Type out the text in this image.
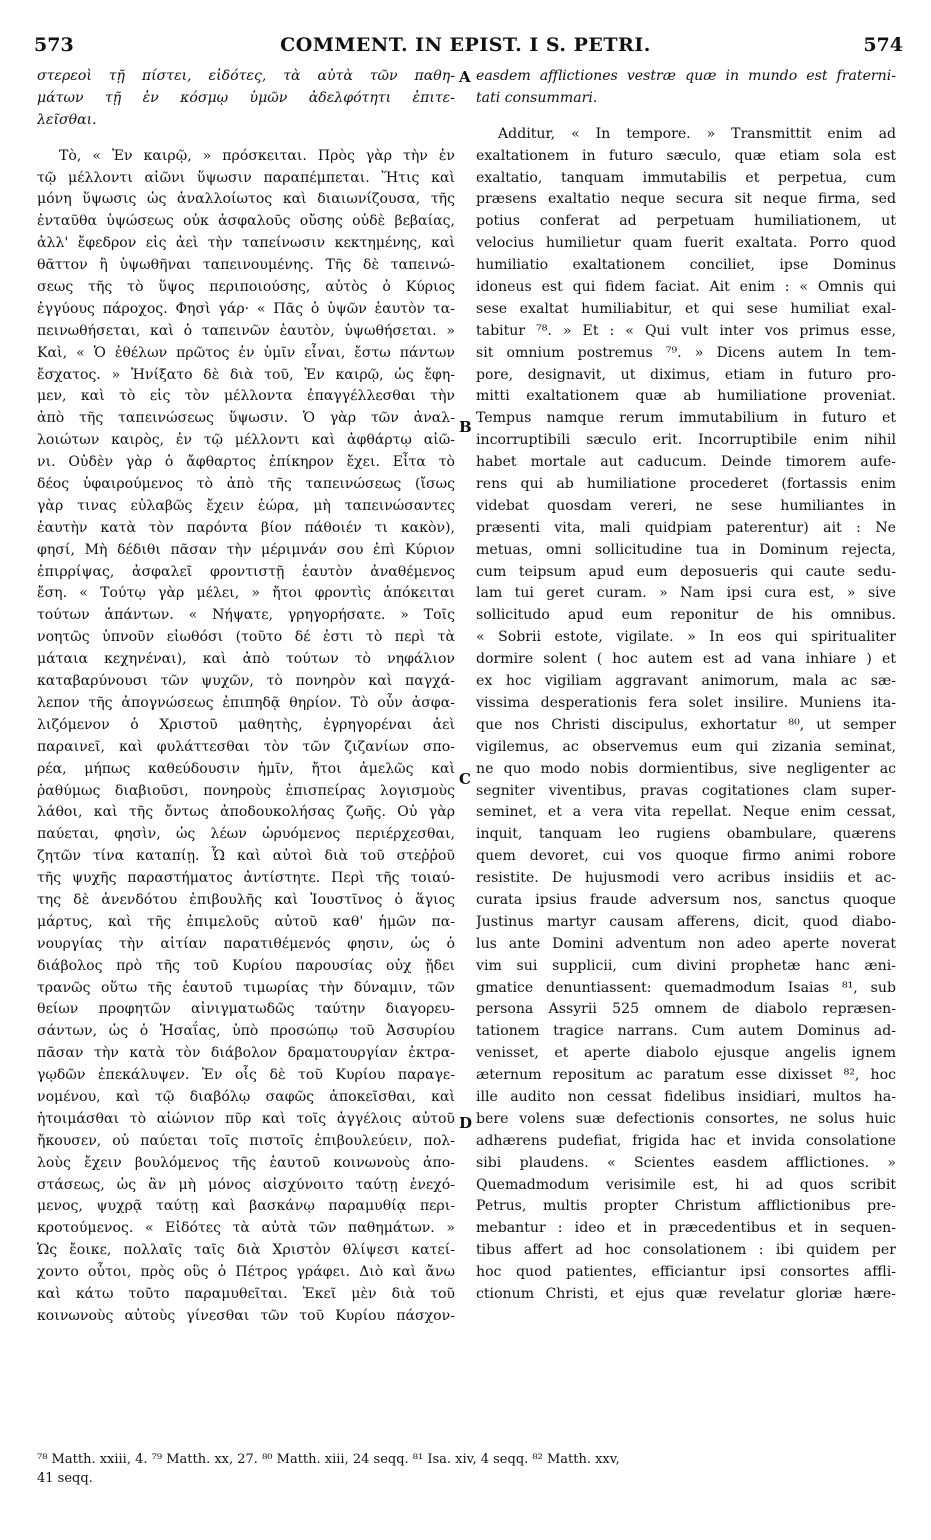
573	COMMENT. IN EPIST. I S. PETRI.	574
A
B
C
D
στερεοὶ τῇ πίστει, εἰδότες, τὰ αὐτὰ τῶν παθη-
μάτων τῇ ἐν κόσμῳ ὑμῶν ἀδελφότητι ἐπιτε-
λεῖσθαι.
Τὸ, « Ἐν καιρῷ, » πρόσκειται. Πρὸς γὰρ τὴν ἐν
τῷ μέλλοντι αἰῶνι ὕψωσιν παραπέμπεται. Ἥτις καὶ
μόνη ὕψωσις ὡς ἀναλλοίωτος καὶ διαιωνίζουσα, τῆς
ἐνταῦθα ὑψώσεως οὐκ ἀσφαλοῦς οὔσης οὐδὲ βεβαίας,
ἀλλ' ἔφεδρον εἰς ἀεὶ τὴν ταπείνωσιν κεκτημένης, καὶ
θᾶττον ἢ ὑψωθῆναι ταπεινουμένης. Τῆς δὲ ταπεινώ-
σεως τῆς τὸ ὕψος περιποιούσης, αὐτὸς ὁ Κύριος
ἐγγύους πάροχος. Φησὶ γάρ· « Πᾶς ὁ ὑψῶν ἑαυτὸν τα-
πεινωθήσεται, καὶ ὁ ταπεινῶν ἑαυτὸν, ὑψωθήσεται. »
Καὶ, « Ὁ ἐθέλων πρῶτος ἐν ὑμῖν εἶναι, ἔστω πάντων
ἔσχατος. » Ἠνίξατο δὲ διὰ τοῦ, Ἐν καιρῷ, ὡς ἔφη-
μεν, καὶ τὸ εἰς τὸν μέλλοντα ἐπαγγέλλεσθαι τὴν
ἀπὸ τῆς ταπεινώσεως ὕψωσιν. Ὁ γὰρ τῶν ἀναλ-
λοιώτων καιρὸς, ἐν τῷ μέλλοντι καὶ ἀφθάρτῳ αἰῶ-
νι. Οὐδὲν γὰρ ὁ ἄφθαρτος ἐπίκηρον ἔχει. Εἶτα τὸ
δέος ὑφαιρούμενος τὸ ἀπὸ τῆς ταπεινώσεως (ἴσως
γὰρ τινας εὐλαβῶς ἔχειν ἑώρα, μὴ ταπεινώσαντες
ἑαυτὴν κατὰ τὸν παρόντα βίον πάθοιέν τι κακὸν),
φησί, Μὴ δέδιθι πᾶσαν τὴν μέριμνάν σου ἐπὶ Κύριον
ἐπιρρίψας, ἀσφαλεῖ φροντιστῇ ἑαυτὸν ἀναθέμενος
ἔση. « Τούτῳ γὰρ μέλει, » ἤτοι φροντὶς ἀπόκειται
τούτων ἁπάντων. « Νήψατε, γρηγορήσατε. » Τοῖς
νοητῶς ὑπνοῦν εἰωθόσι (τοῦτο δέ ἐστι τὸ περὶ τὰ
μάταια κεχηνέναι), καὶ ἀπὸ τούτων τὸ νηφάλιον
καταβαρύνουσι τῶν ψυχῶν, τὸ πονηρὸν καὶ παγχά-
λεπον τῆς ἀπογνώσεως ἐπιπηδᾷ θηρίον. Τὸ οὖν ἀσφα-
λιζόμενον ὁ Χριστοῦ μαθητὴς, ἐγρηγορέναι ἀεὶ
παραινεῖ, καὶ φυλάττεσθαι τὸν τῶν ζιζανίων σπο-
ρέα, μήπως καθεύδουσιν ἡμῖν, ἤτοι ἀμελῶς καὶ
ῥαθύμως διαβιοῦσι, πονηροὺς ἐπισπείρας λογισμοὺς
λάθοι, καὶ τῆς ὄντως ἀποδουκολήσας ζωῆς. Οὐ γὰρ
παύεται, φησὶν, ὡς λέων ὠρυόμενος περιέρχεσθαι,
ζητῶν τίνα καταπίῃ. Ὧ καὶ αὐτοὶ διὰ τοῦ στεῤῥοῦ
τῆς ψυχῆς παραστήματος ἀντίστητε. Περὶ τῆς τοιαύ-
της δὲ ἀνενδότου ἐπιβουλῆς καὶ Ἰουστῖνος ὁ ἅγιος
μάρτυς, καὶ τῆς ἐπιμελοῦς αὐτοῦ καθ' ἡμῶν πα-
νουργίας τὴν αἰτίαν παρατιθέμενός φησιν, ὡς ὁ
διάβολος πρὸ τῆς τοῦ Κυρίου παρουσίας οὐχ ᾔδει
τρανῶς οὕτω τῆς ἑαυτοῦ τιμωρίας τὴν δύναμιν, τῶν
θείων προφητῶν αἰνιγματωδῶς ταύτην διαγορευ-
σάντων, ὡς ὁ Ἡσαΐας, ὑπὸ προσώπῳ τοῦ Ἀσσυρίου
πᾶσαν τὴν κατὰ τὸν διάβολον δραματουργίαν ἐκτρα-
γῳδῶν ἐπεκάλυψεν. Ἐν οἷς δὲ τοῦ Κυρίου παραγε-
νομένου, καὶ τῷ διαβόλῳ σαφῶς ἀποκεῖσθαι, καὶ
ἡτοιμάσθαι τὸ αἰώνιον πῦρ καὶ τοῖς ἀγγέλοις αὐτοῦ
ἤκουσεν, οὐ παύεται τοῖς πιστοῖς ἐπιβουλεύειν, πολ-
λοὺς ἔχειν βουλόμενος τῆς ἑαυτοῦ κοινωνοὺς ἀπο-
στάσεως, ὡς ἂν μὴ μόνος αἰσχύνοιτο ταύτῃ ἐνεχό-
μενος, ψυχρᾷ ταύτῃ καὶ βασκάνῳ παραμυθίᾳ περι-
κροτούμενος. « Εἰδότες τὰ αὐτὰ τῶν παθημάτων. »
Ὡς ἔοικε, πολλαῖς ταῖς διὰ Χριστὸν θλίψεσι κατεί-
χοντο οὗτοι, πρὸς οὓς ὁ Πέτρος γράφει. Διὸ καὶ ἄνω
καὶ κάτω τοῦτο παραμυθεῖται. Ἐκεῖ μὲν διὰ τοῦ
κοινωνοὺς αὐτοὺς γίνεσθαι τῶν τοῦ Κυρίου πάσχον-
easdem afflictiones vestræ quæ in mundo est fraterni-
tati consummari.
Additur, « In tempore. » Transmittit enim ad
exaltationem in futuro sæculo, quæ etiam sola est
exaltatio, tanquam immutabilis et perpetua, cum
præsens exaltatio neque secura sit neque firma, sed
potius conferat ad perpetuam humiliationem, ut
velocius humilietur quam fuerit exaltata. Porro quod
humiliatio exaltationem conciliet, ipse Dominus
idoneus est qui fidem faciat. Ait enim : « Omnis qui
sese exaltat humiliabitur, et qui sese humiliat exal-
tabitur ⁷⁸. » Et : « Qui vult inter vos primus esse,
sit omnium postremus ⁷⁹. » Dicens autem In tem-
pore, designavit, ut diximus, etiam in futuro pro-
mitti exaltationem quæ ab humiliatione proveniat.
Tempus namque rerum immutabilium in futuro et
incorruptibili sæculo erit. Incorruptibile enim nihil
habet mortale aut caducum. Deinde timorem aufe-
rens qui ab humiliatione procederet (fortassis enim
videbat quosdam vereri, ne sese humiliantes in
præsenti vita, mali quidpiam paterentur) ait : Ne
metuas, omni sollicitudine tua in Dominum rejecta,
cum teipsum apud eum deposueris qui caute sedu-
lam tui geret curam. » Nam ipsi cura est, » sive
sollicitudo apud eum reponitur de his omnibus.
« Sobrii estote, vigilate. » In eos qui spiritualiter
dormire solent ( hoc autem est ad vana inhiare ) et
ex hoc vigiliam aggravant animorum, mala ac sæ-
vissima desperationis fera solet insilire. Muniens ita-
que nos Christi discipulus, exhortatur ⁸⁰, ut semper
vigilemus, ac observemus eum qui zizania seminat,
ne quo modo nobis dormientibus, sive negligenter ac
segniter viventibus, pravas cogitationes clam super-
seminet, et a vera vita repellat. Neque enim cessat,
inquit, tanquam leo rugiens obambulare, quærens
quem devoret, cui vos quoque firmo animi robore
resistite. De hujusmodi vero acribus insidiis et ac-
curata ipsius fraude adversum nos, sanctus quoque
Justinus martyr causam afferens, dicit, quod diabo-
lus ante Domini adventum non adeo aperte noverat
vim sui supplicii, cum divini prophetæ hanc æni-
gmatice denuntiassent: quemadmodum Isaias ⁸¹, sub
persona Assyrii 525 omnem de diabolo repræsen-
tationem tragice narrans. Cum autem Dominus ad-
venisset, et aperte diabolo ejusque angelis ignem
æternum repositum ac paratum esse dixisset ⁸², hoc
ille audito non cessat fidelibus insidiari, multos ha-
bere volens suæ defectionis consortes, ne solus huic
adhærens pudefiat, frigida hac et invida consolatione
sibi plaudens. « Scientes easdem afflictiones. »
Quemadmodum verisimile est, hi ad quos scribit
Petrus, multis propter Christum afflictionibus pre-
mebantur : ideo et in præcedentibus et in sequen-
tibus affert ad hoc consolationem : ibi quidem per
hoc quod patientes, efficiantur ipsi consortes affli-
ctionum Christi, et ejus quæ revelatur gloriæ hære-
⁷⁸ Matth. xxiii, 4. ⁷⁹ Matth. xx, 27. ⁸⁰ Matth. xiii, 24 seqq. ⁸¹ Isa. xiv, 4 seqq. ⁸² Matth. xxv,
41 seqq.
